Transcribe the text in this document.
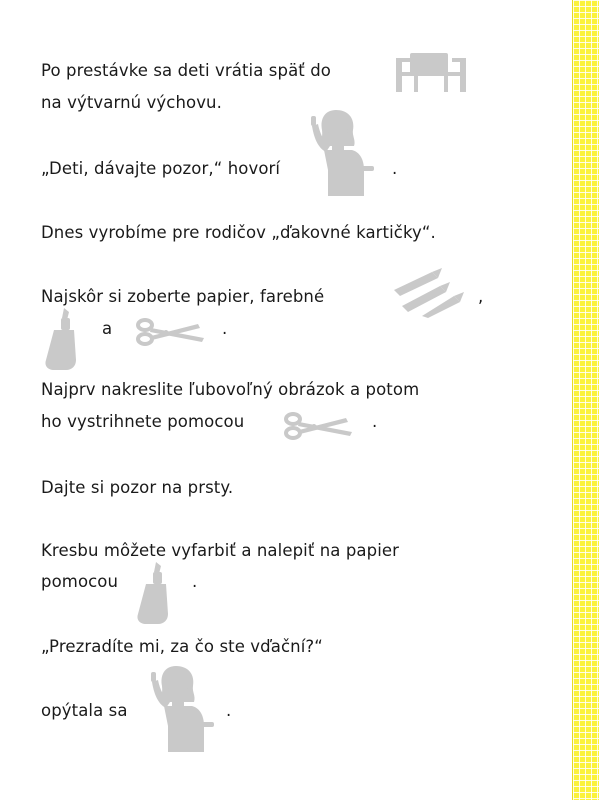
Po prestávke sa deti vrátia späť do
na výtvarnú výchovu.
„Deti, dávajte pozor,“ hovorí	.
Dnes vyrobíme pre rodičov „ďakovné kartičky“.
Najskôr si zoberte papier, farebné	,
a	.
Najprv nakreslite ľubovoľný obrázok a potom
ho vystrihnete pomocou	.
Dajte si pozor na prsty.
Kresbu môžete vyfarbiť a nalepiť na papier
pomocou	.
„Prezradíte mi, za čo ste vďační?“
opýtala sa	.
